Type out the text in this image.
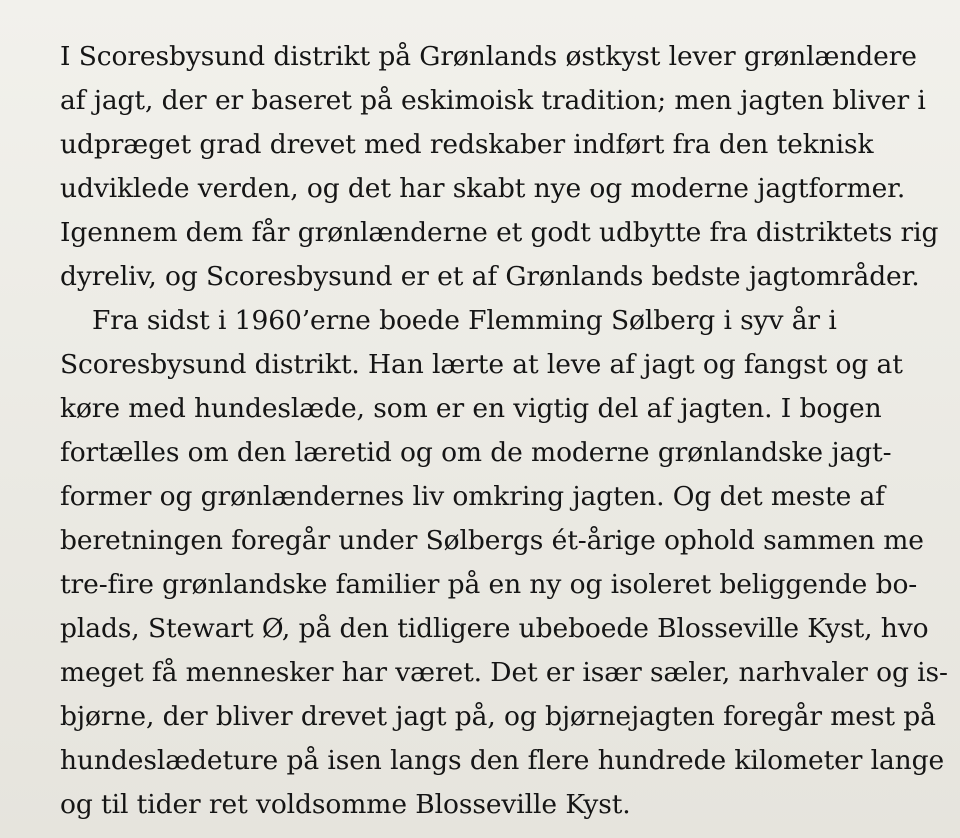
I Scoresbysund distrikt på Grønlands østkyst lever grønlændere
af jagt, der er baseret på eskimoisk tradition; men jagten bliver i
udpræget grad drevet med redskaber indført fra den teknisk
udviklede verden, og det har skabt nye og moderne jagtformer.
Igennem dem får grønlænderne et godt udbytte fra distriktets rig
dyreliv, og Scoresbysund er et af Grønlands bedste jagtområder.
Fra sidst i 1960’erne boede Flemming Sølberg i syv år i
Scoresbysund distrikt. Han lærte at leve af jagt og fangst og at
køre med hundeslæde, som er en vigtig del af jagten. I bogen
fortælles om den læretid og om de moderne grønlandske jagt-
former og grønlændernes liv omkring jagten. Og det meste af
beretningen foregår under Sølbergs ét-årige ophold sammen me
tre-fire grønlandske familier på en ny og isoleret beliggende bo-
plads, Stewart Ø, på den tidligere ubeboede Blosseville Kyst, hvo
meget få mennesker har været. Det er især sæler, narhvaler og is-
bjørne, der bliver drevet jagt på, og bjørnejagten foregår mest på
hundeslædeture på isen langs den flere hundrede kilometer lange
og til tider ret voldsomme Blosseville Kyst.
